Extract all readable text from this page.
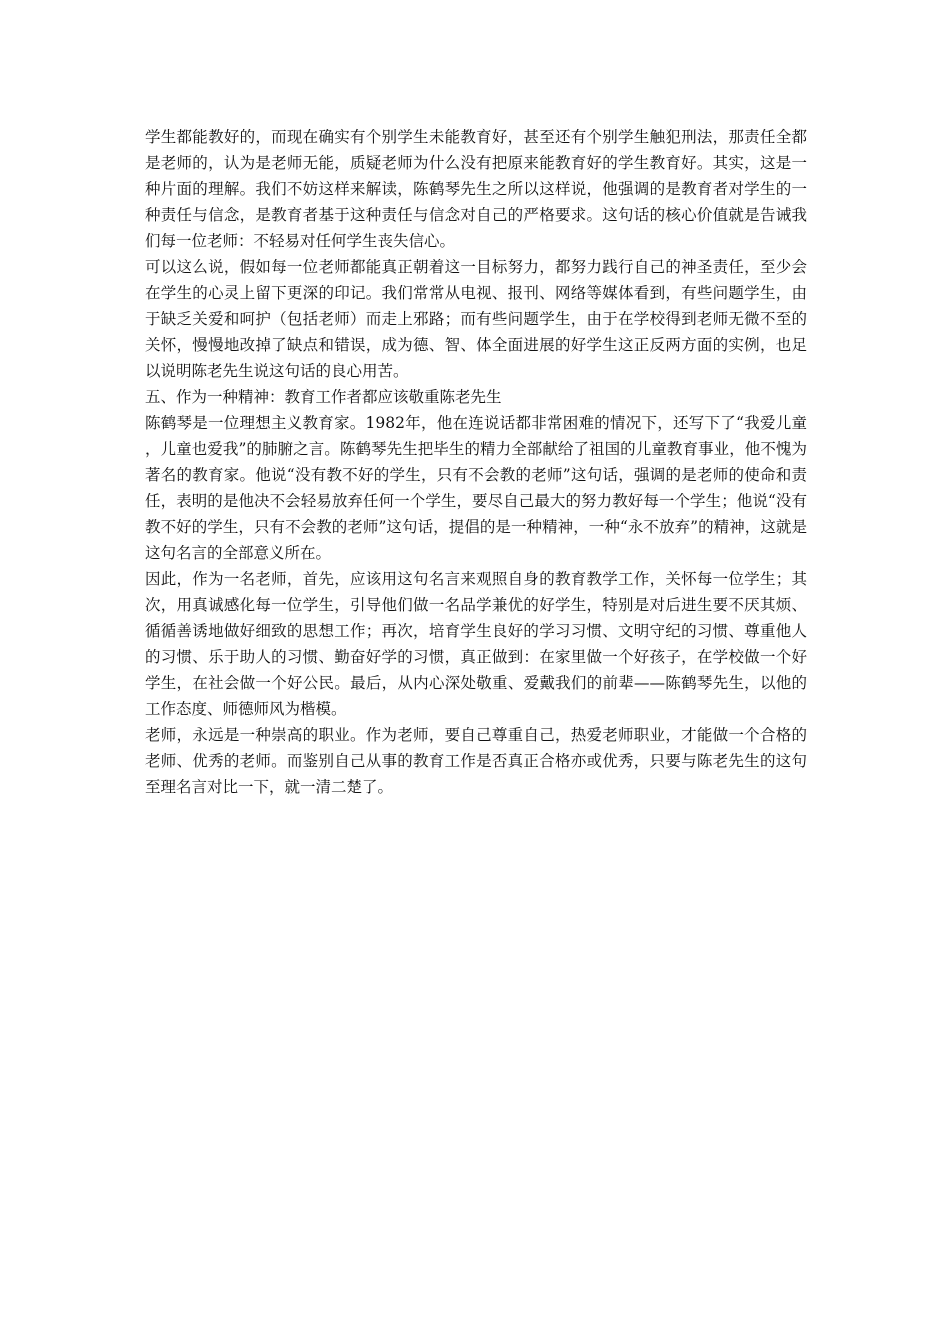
学生都能教好的，而现在确实有个别学生未能教育好，甚至还有个别学生触犯刑法，那责任全都是老师的，认为是老师无能，质疑老师为什么没有把原来能教育好的学生教育好。其实，这是一种片面的理解。我们不妨这样来解读，陈鹤琴先生之所以这样说，他强调的是教育者对学生的一种责任与信念，是教育者基于这种责任与信念对自己的严格要求。这句话的核心价值就是告诫我们每一位老师：不轻易对任何学生丧失信心。

可以这么说，假如每一位老师都能真正朝着这一目标努力，都努力践行自己的神圣责任，至少会在学生的心灵上留下更深的印记。我们常常从电视、报刊、网络等媒体看到，有些问题学生，由于缺乏关爱和呵护（包括老师）而走上邪路；而有些问题学生，由于在学校得到老师无微不至的关怀，慢慢地改掉了缺点和错误，成为德、智、体全面进展的好学生这正反两方面的实例，也足以说明陈老先生说这句话的良心用苦。

五、作为一种精神：教育工作者都应该敬重陈老先生

陈鹤琴是一位理想主义教育家。1982年，他在连说话都非常困难的情况下，还写下了“我爱儿童，儿童也爱我”的肺腑之言。陈鹤琴先生把毕生的精力全部献给了祖国的儿童教育事业，他不愧为著名的教育家。他说“没有教不好的学生，只有不会教的老师”这句话，强调的是老师的使命和责任，表明的是他决不会轻易放弃任何一个学生，要尽自己最大的努力教好每一个学生；他说“没有教不好的学生，只有不会教的老师”这句话，提倡的是一种精神，一种“永不放弃”的精神，这就是这句名言的全部意义所在。

因此，作为一名老师，首先，应该用这句名言来观照自身的教育教学工作，关怀每一位学生；其次，用真诚感化每一位学生，引导他们做一名品学兼优的好学生，特别是对后进生要不厌其烦、循循善诱地做好细致的思想工作；再次，培育学生良好的学习习惯、文明守纪的习惯、尊重他人的习惯、乐于助人的习惯、勤奋好学的习惯，真正做到：在家里做一个好孩子，在学校做一个好学生，在社会做一个好公民。最后，从内心深处敬重、爱戴我们的前辈——陈鹤琴先生，以他的工作态度、师德师风为楷模。

老师，永远是一种崇高的职业。作为老师，要自己尊重自己，热爱老师职业，才能做一个合格的老师、优秀的老师。而鉴别自己从事的教育工作是否真正合格亦或优秀，只要与陈老先生的这句至理名言对比一下，就一清二楚了。
